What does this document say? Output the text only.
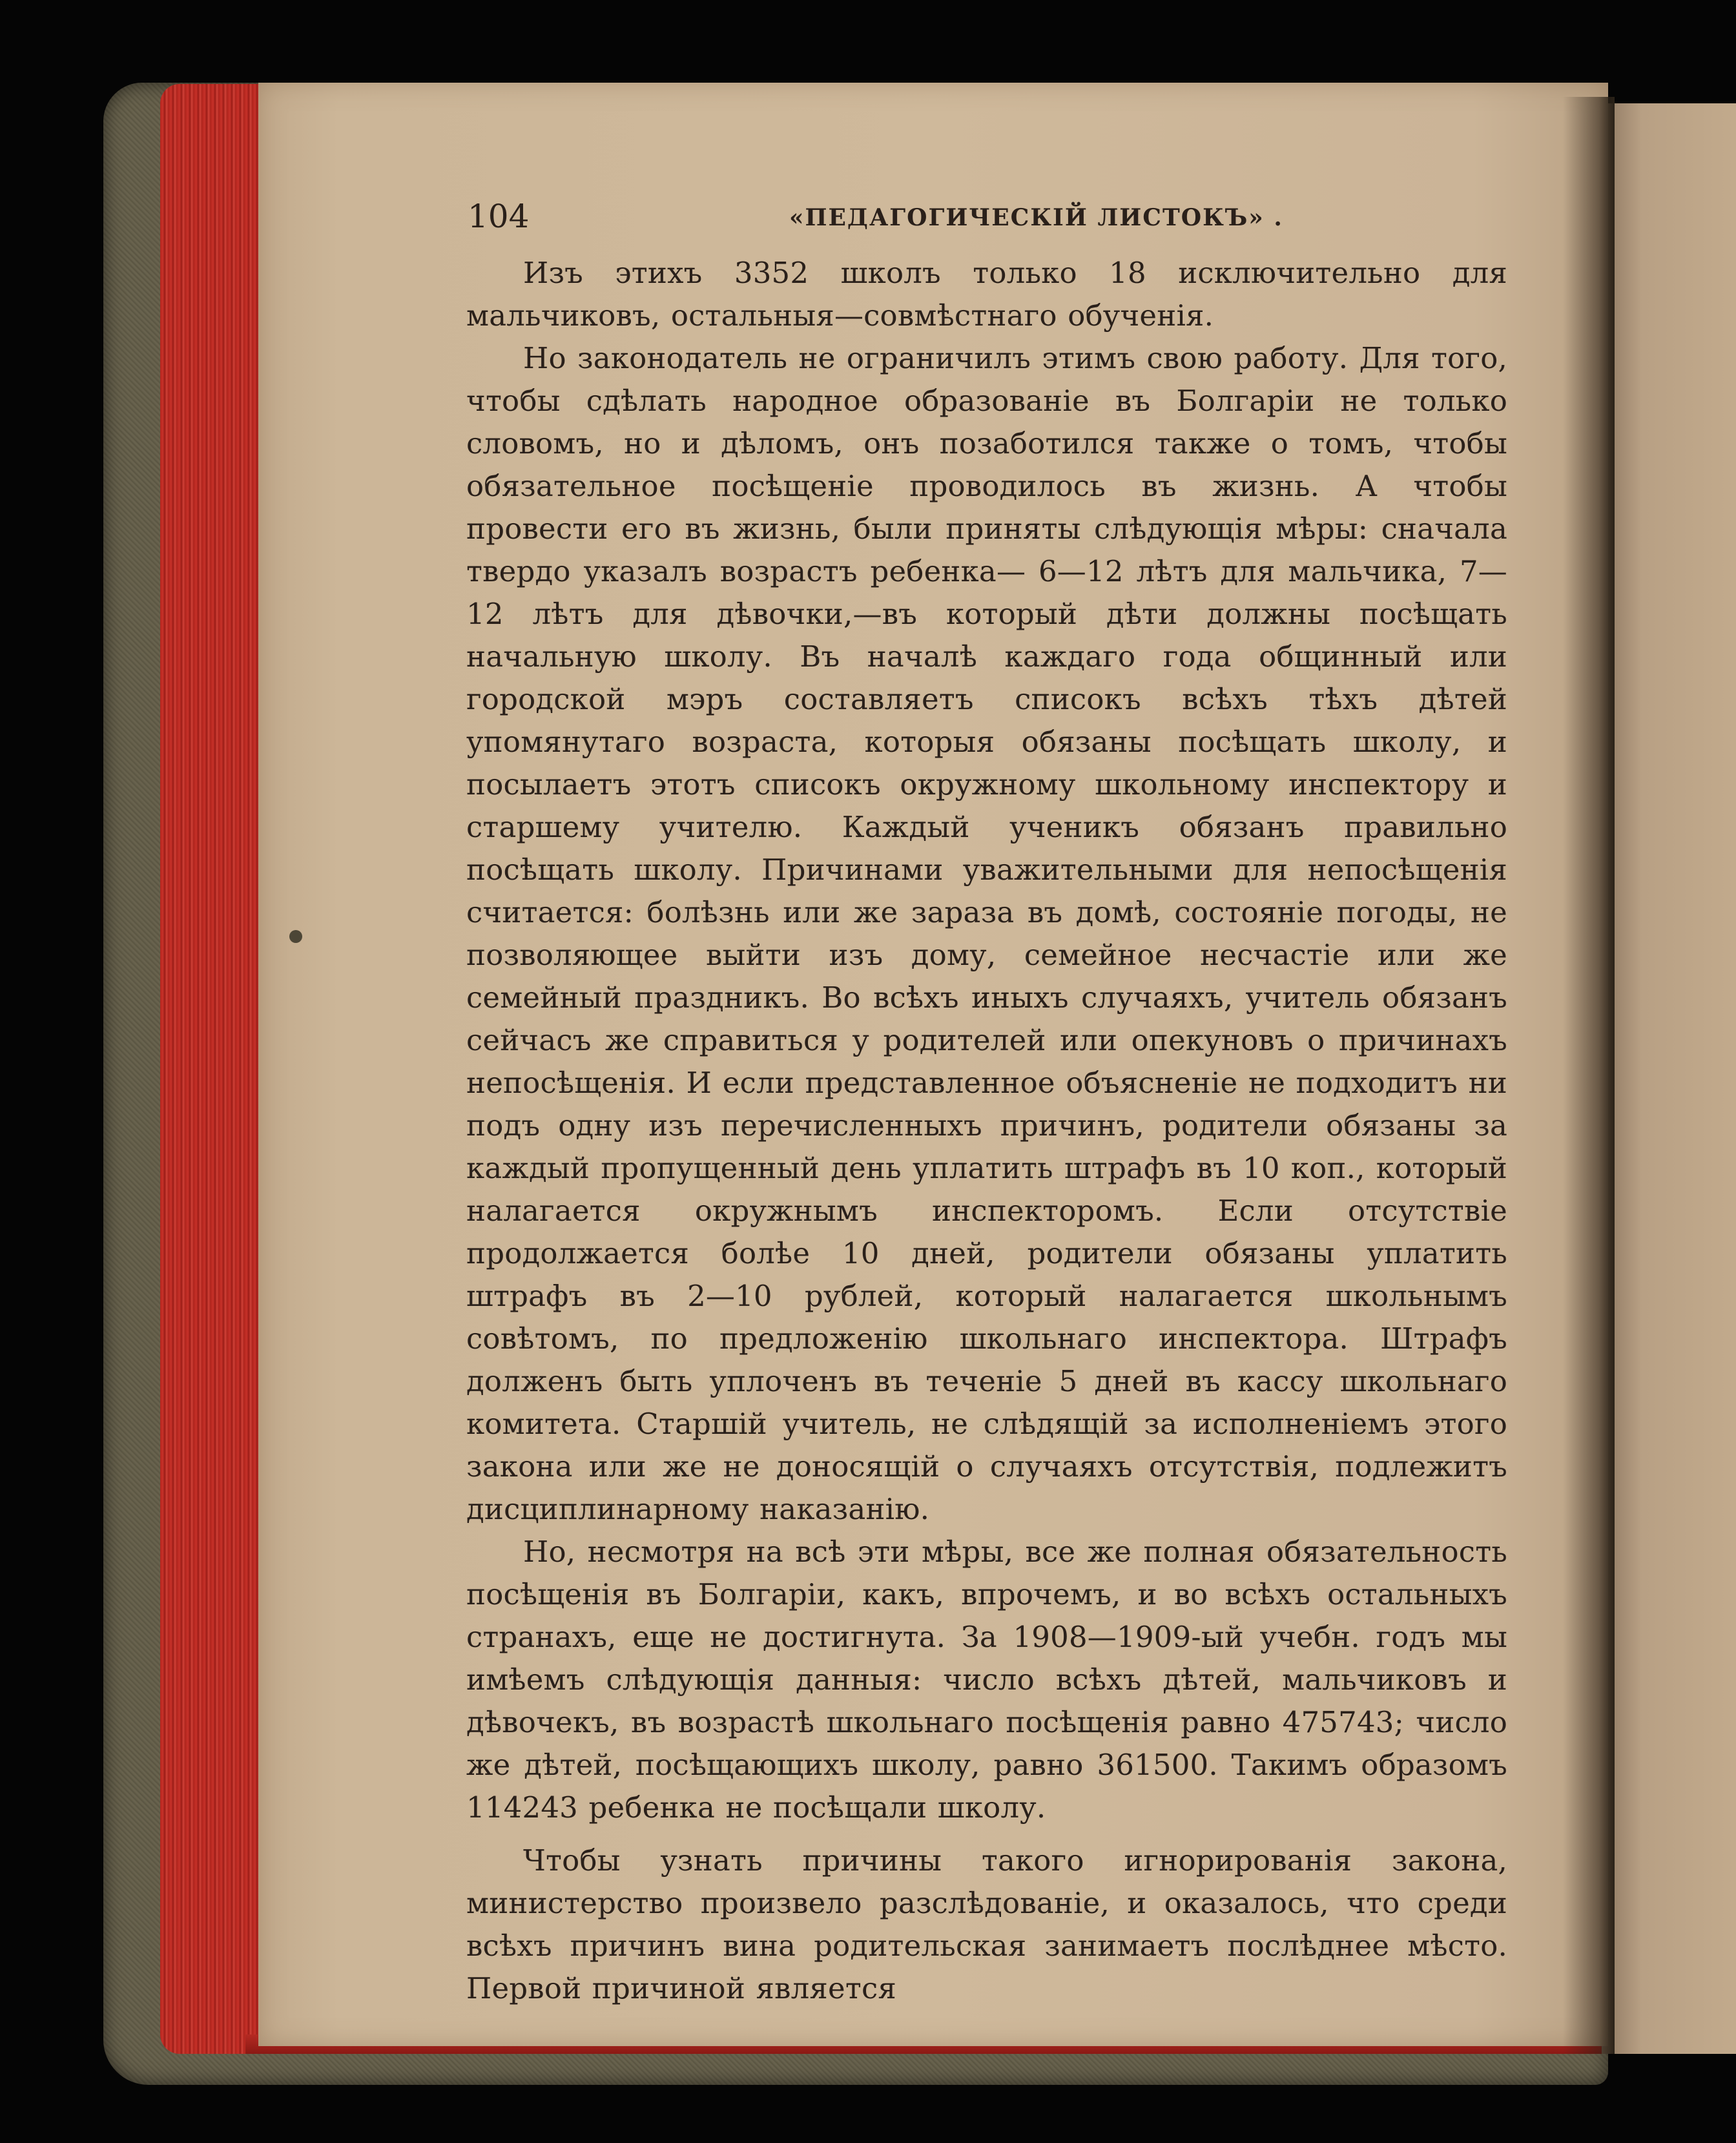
104	«ПЕДАГОГИЧЕСКІЙ ЛИСТОКЪ» .

Изъ этихъ 3352 школъ только 18 исключительно для мальчиковъ, остальныя—совмѣстнаго обученія.

Но законодатель не ограничилъ этимъ свою работу. Для того, чтобы сдѣлать народное образованіе въ Болгаріи не только словомъ, но и дѣломъ, онъ позаботился также о томъ, чтобы обязательное посѣщеніе проводилось въ жизнь. А чтобы провести его въ жизнь, были приняты слѣдующія мѣры: сначала твердо указалъ возрастъ ребенка— 6—12 лѣтъ для мальчика, 7—12 лѣтъ для дѣвочки,—въ который дѣти должны посѣщать начальную школу. Въ началѣ каждаго года общинный или городской мэръ составляетъ списокъ всѣхъ тѣхъ дѣтей упомянутаго возраста, которыя обязаны посѣщать школу, и посылаетъ этотъ списокъ окружному школьному инспектору и старшему учителю. Каждый ученикъ обязанъ правильно посѣщать школу. Причинами уважительными для непосѣщенія считается: болѣзнь или же зараза въ домѣ, состояніе погоды, не позволяющее выйти изъ дому, семейное несчастіе или же семейный праздникъ. Во всѣхъ иныхъ случаяхъ, учитель обязанъ сейчасъ же справиться у родителей или опекуновъ о причинахъ непосѣщенія. И если представленное объясненіе не подходитъ ни подъ одну изъ перечисленныхъ причинъ, родители обязаны за каждый пропущенный день уплатить штрафъ въ 10 коп., который налагается окружнымъ инспекторомъ. Если отсутствіе продолжается болѣе 10 дней, родители обязаны уплатить штрафъ въ 2—10 рублей, который налагается школьнымъ совѣтомъ, по предложенію школьнаго инспектора. Штрафъ долженъ быть уплоченъ въ теченіе 5 дней въ кассу школьнаго комитета. Старшій учитель, не слѣдящій за исполненіемъ этого закона или же не доносящій о случаяхъ отсутствія, подлежитъ дисциплинарному наказанію.

Но, несмотря на всѣ эти мѣры, все же полная обязательность посѣщенія въ Болгаріи, какъ, впрочемъ, и во всѣхъ остальныхъ странахъ, еще не достигнута. За 1908—1909-ый учебн. годъ мы имѣемъ слѣдующія данныя: число всѣхъ дѣтей, мальчиковъ и дѣвочекъ, въ возрастѣ школьнаго посѣщенія равно 475743; число же дѣтей, посѣщающихъ школу, равно 361500. Такимъ образомъ 114243 ребенка не посѣщали школу.

Чтобы узнать причины такого игнорированія закона, министерство произвело разслѣдованіе, и оказалось, что среди всѣхъ причинъ вина родительская занимаетъ послѣднее мѣсто. Первой причиной является
